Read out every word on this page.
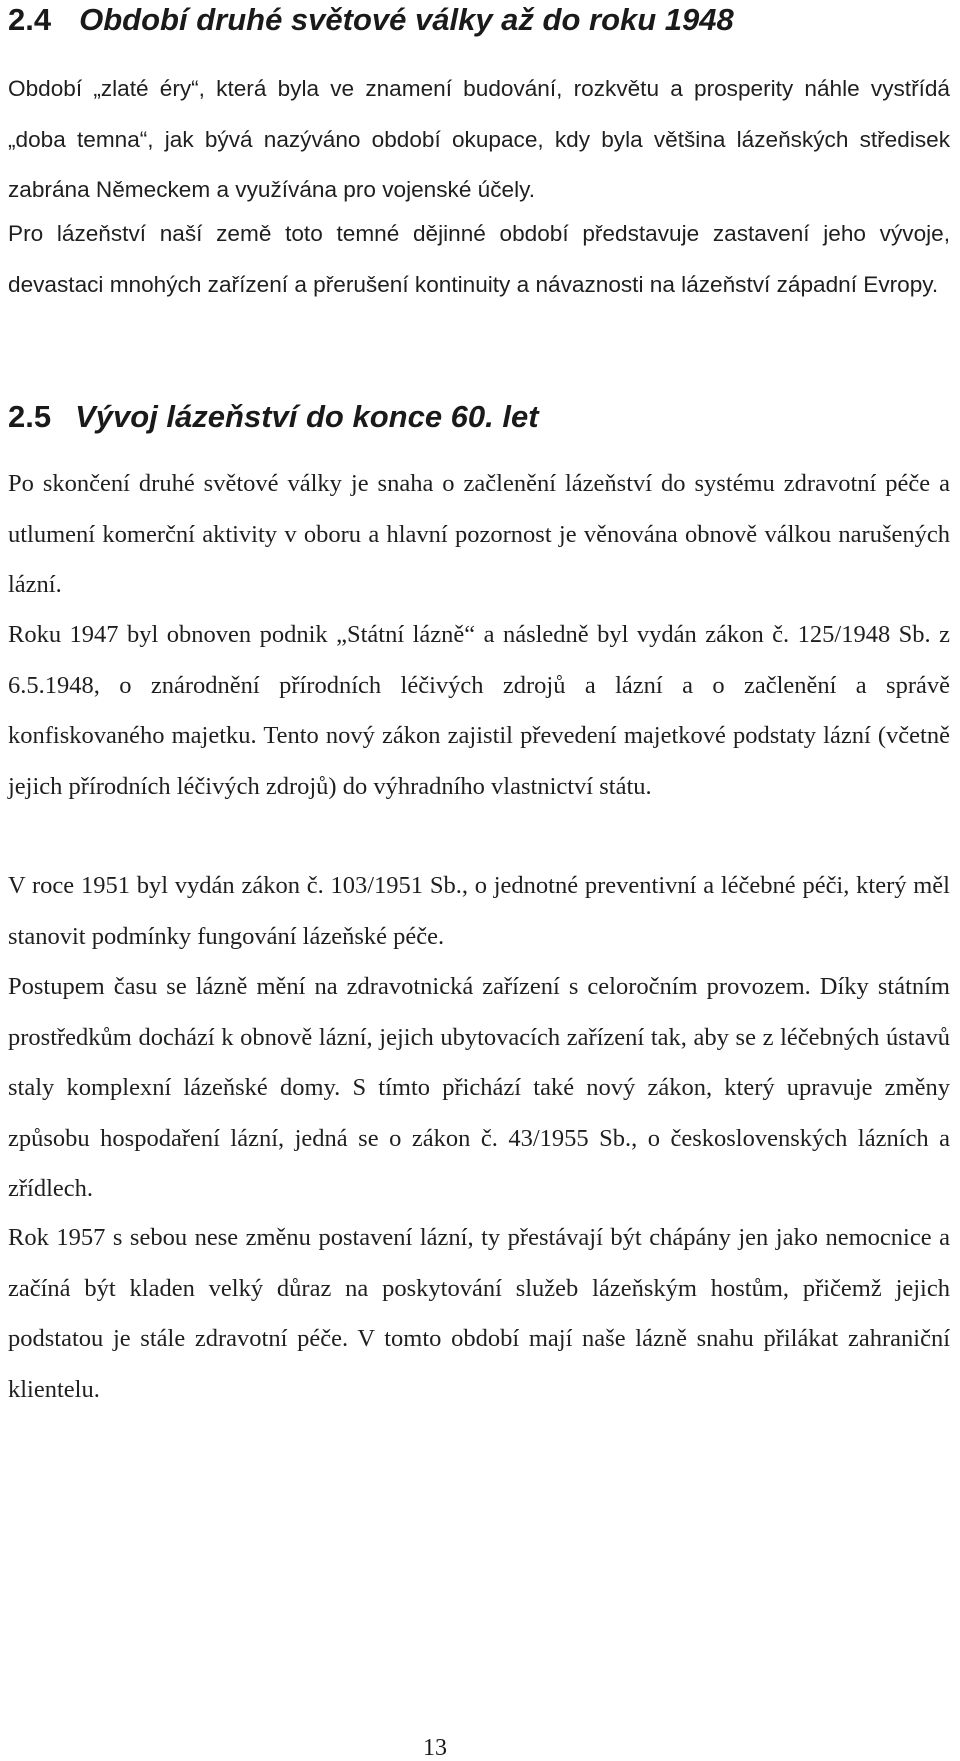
2.4 Období druhé světové války až do roku 1948

Období „zlaté éry“, která byla ve znamení budování, rozkvětu a prosperity náhle vystřídá „doba temna“, jak bývá nazýváno období okupace, kdy byla většina lázeňských středisek zabrána Německem a využívána pro vojenské účely.

Pro lázeňství naší země toto temné dějinné období představuje zastavení jeho vývoje, devastaci mnohých zařízení a přerušení kontinuity a návaznosti na lázeňství západní Evropy.

2.5 Vývoj lázeňství do konce 60. let

Po skončení druhé světové války je snaha o začlenění lázeňství do systému zdravotní péče a utlumení komerční aktivity v oboru a hlavní pozornost je věnována obnově válkou narušených lázní.

Roku 1947 byl obnoven podnik „Státní lázně“ a následně byl vydán zákon č. 125/1948 Sb. z 6.5.1948, o znárodnění přírodních léčivých zdrojů a lázní a o začlenění a správě konfiskovaného majetku. Tento nový zákon zajistil převedení majetkové podstaty lázní (včetně jejich přírodních léčivých zdrojů) do výhradního vlastnictví státu.

V roce 1951 byl vydán zákon č. 103/1951 Sb., o jednotné preventivní a léčebné péči, který měl stanovit podmínky fungování lázeňské péče.

Postupem času se lázně mění na zdravotnická zařízení s celoročním provozem. Díky státním prostředkům dochází k obnově lázní, jejich ubytovacích zařízení tak, aby se z léčebných ústavů staly komplexní lázeňské domy. S tímto přichází také nový zákon, který upravuje změny způsobu hospodaření lázní, jedná se o zákon č. 43/1955 Sb., o československých lázních a zřídlech.

Rok 1957 s sebou nese změnu postavení lázní, ty přestávají být chápány jen jako nemocnice a začíná být kladen velký důraz na poskytování služeb lázeňským hostům, přičemž jejich podstatou je stále zdravotní péče. V tomto období mají naše lázně snahu přilákat zahraniční klientelu.

13
